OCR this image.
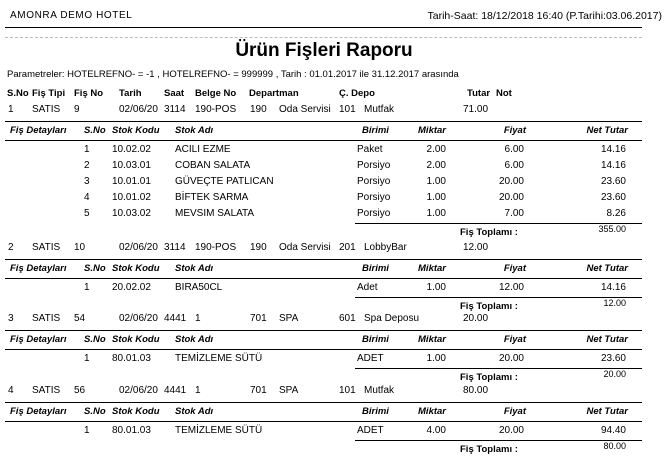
AMONRA DEMO HOTEL	Tarih-Saat: 18/12/2018 16:40 (P.Tarihi:03.06.2017)
Ürün Fişleri Raporu
Parametreler: HOTELREFNO- = -1 , HOTELREFNO- = 999999 , Tarih : 01.01.2017 ile 31.12.2017 arasında
S.No Fiş Tipi Fiş No Tarih Saat Belge No Departman	Ç. Depo	Tutar Not
1 SATIS 9	02/06/20 3114 190-POS 190 Oda Servisi 101 Mutfak	71.00
Fiş Detayları S.No Stok Kodu Stok Adı	Birimi	Miktar	Fiyat	Net Tutar
1 10.02.02 ACILI EZME	Paket	2.00	6.00	14.16
2 10.03.01 COBAN SALATA	Porsiyo	2.00	6.00	14.16
3 10.01.01 GÜVEÇTE PATLICAN	Porsiyo	1.00	20.00	23.60
4 10.01.02 BİFTEK SARMA	Porsiyo	1.00	20.00	23.60
5 10.03.02 MEVSIM SALATA	Porsiyo	1.00	7.00	8.26
Fiş Toplamı :	355.00
2 SATIS 10	02/06/20 3114 190-POS 190 Oda Servisi 201 LobbyBar	12.00
Fiş Detayları S.No Stok Kodu Stok Adı	Birimi	Miktar	Fiyat	Net Tutar
1 20.02.02 BIRA50CL	Adet	1.00	12.00	14.16
Fiş Toplamı :	12.00
3 SATIS 54	02/06/20 4441 1	701 SPA	601 Spa Deposu	20.00
Fiş Detayları S.No Stok Kodu Stok Adı	Birimi	Miktar	Fiyat	Net Tutar
1 80.01.03 TEMİZLEME SÜTÜ	ADET	1.00	20.00	23.60
Fiş Toplamı :	20.00
4 SATIS 56	02/06/20 4441 1	701 SPA	101 Mutfak	80.00
Fiş Detayları S.No Stok Kodu Stok Adı	Birimi	Miktar	Fiyat	Net Tutar
1 80.01.03 TEMİZLEME SÜTÜ	ADET	4.00	20.00	94.40
Fiş Toplamı :	80.00
